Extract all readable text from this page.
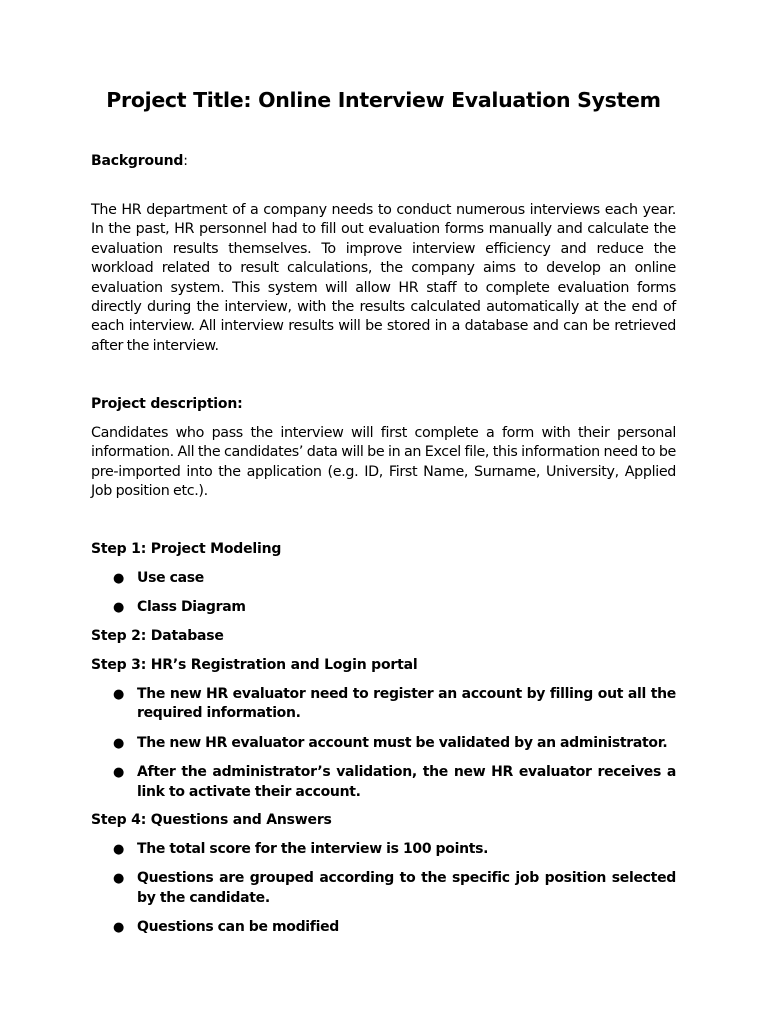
Project Title: Online Interview Evaluation System
Background:
The HR department of a company needs to conduct numerous interviews each year. In the past, HR personnel had to fill out evaluation forms manually and calculate the evaluation results themselves. To improve interview efficiency and reduce the workload related to result calculations, the company aims to develop an online evaluation system. This system will allow HR staff to complete evaluation forms directly during the interview, with the results calculated automatically at the end of each interview. All interview results will be stored in a database and can be retrieved after the interview.
Project description:
Candidates who pass the interview will first complete a form with their personal information. All the candidates’ data will be in an Excel file, this information need to be pre-imported into the application (e.g. ID, First Name, Surname, University, Applied Job position etc.).
Step 1: Project Modeling
● Use case
● Class Diagram
Step 2: Database
Step 3: HR’s Registration and Login portal
● The new HR evaluator need to register an account by filling out all the required information.
● The new HR evaluator account must be validated by an administrator.
● After the administrator’s validation, the new HR evaluator receives a link to activate their account.
Step 4: Questions and Answers
● The total score for the interview is 100 points.
● Questions are grouped according to the specific job position selected by the candidate.
● Questions can be modified
